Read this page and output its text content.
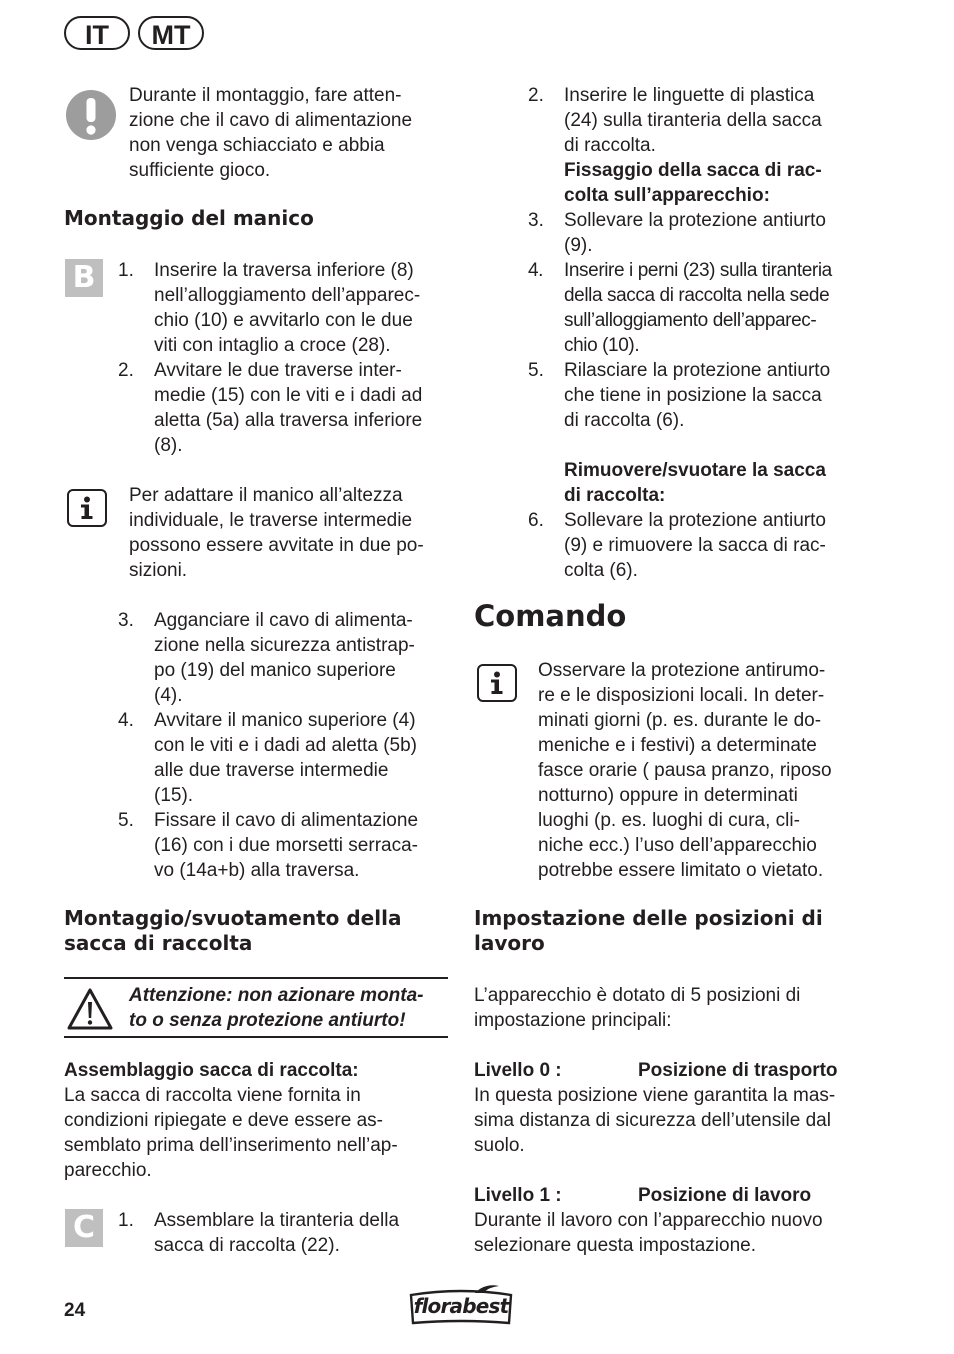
IT	MT

Durante il montaggio, fare atten-

zione che il cavo di alimentazione

non venga schiacciato e abbia

sufficiente gioco.

Montaggio del manico
B	1. Inserire la traversa inferiore (8)

nell’alloggiamento dell’apparec-

chio (10) e avvitarlo con le due

viti con intaglio a croce (28).

2. Avvitare le due traverse inter-

medie (15) con le viti e i dadi ad

aletta (5a) alla traversa inferiore

(8).

Per adattare il manico all’altezza

individuale, le traverse intermedie

possono essere avvitate in due po-

sizioni.

3. Agganciare il cavo di alimenta-

zione nella sicurezza antistrap-

po (19) del manico superiore

(4).

4. Avvitare il manico superiore (4)

con le viti e i dadi ad aletta (5b)

alle due traverse intermedie

(15).

5. Fissare il cavo di alimentazione

(16) con i due morsetti serraca-

vo (14a+b) alla traversa.

Montaggio/svuotamento della

sacca di raccolta

Attenzione: non azionare monta-

to o senza protezione antiurto!

Assemblaggio sacca di raccolta:

La sacca di raccolta viene fornita in

condizioni ripiegate e deve essere as-

semblato prima dell’inserimento nell’ap-

parecchio.

C	1. Assemblare la tiranteria della

sacca di raccolta (22).

24
2. Inserire le linguette di plastica

(24) sulla tiranteria della sacca

di raccolta.

Fissaggio della sacca di rac-

colta sull’apparecchio:

3. Sollevare la protezione antiurto

(9).

4. Inserire i perni (23) sulla tiranteria

della sacca di raccolta nella sede

sull’alloggiamento dell’apparec-

chio (10).

5. Rilasciare la protezione antiurto

che tiene in posizione la sacca

di raccolta (6).

Rimuovere/svuotare la sacca

di raccolta:

6. Sollevare la protezione antiurto

(9) e rimuovere la sacca di rac-

colta (6).

Comando

Osservare la protezione antirumo-

re e le disposizioni locali. In deter-

minati giorni (p. es. durante le do-

meniche e i festivi) a determinate

fasce orarie ( pausa pranzo, riposo

notturno) oppure in determinati

luoghi (p. es. luoghi di cura, cli-

niche ecc.) l’uso dell’apparecchio

potrebbe essere limitato o vietato.

Impostazione delle posizioni di

lavoro

L’apparecchio è dotato di 5 posizioni di

impostazione principali:

Livello 0 :	Posizione di trasporto

In questa posizione viene garantita la mas-

sima distanza di sicurezza dell’utensile dal

suolo.

Livello 1 :	Posizione di lavoro

Durante il lavoro con l’apparecchio nuovo

selezionare questa impostazione.

florabest
